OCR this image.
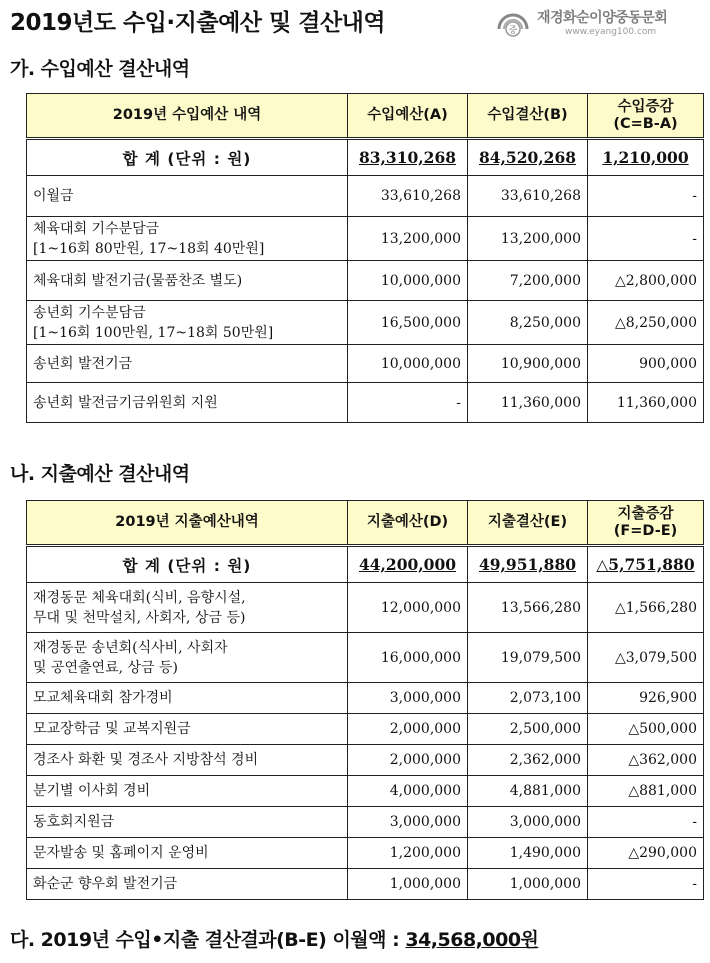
2019년도 수입·지출예산 및 결산내역	중
재경화순이양중동문회
www.eyang100.com
가. 수입예산 결산내역
2019년 수입예산 내역	수입예산(A)	수입결산(B)	수입증감
(C=B-A)
합 계 (단위 : 원)	83,310,268	84,520,268	1,210,000
이월금	33,610,268	33,610,268	-
체육대회 기수분담금
[1~16회 80만원, 17~18회 40만원]	13,200,000	13,200,000	-
체육대회 발전기금(물품찬조 별도)	10,000,000	7,200,000	△2,800,000
송년회 기수분담금
[1~16회 100만원, 17~18회 50만원]	16,500,000	8,250,000	△8,250,000
송년회 발전기금	10,000,000	10,900,000	900,000
송년회 발전금기금위원회 지원	-	11,360,000	11,360,000
나. 지출예산 결산내역
2019년 지출예산내역	지출예산(D)	지출결산(E)	지출증감
(F=D-E)
합 계 (단위 : 원)	44,200,000	49,951,880	△5,751,880
재경동문 체육대회(식비, 음향시설,
무대 및 천막설치, 사회자, 상금 등)	12,000,000	13,566,280	△1,566,280
재경동문 송년회(식사비, 사회자
및 공연출연료, 상금 등)	16,000,000	19,079,500	△3,079,500
모교체육대회 참가경비	3,000,000	2,073,100	926,900
모교장학금 및 교복지원금	2,000,000	2,500,000	△500,000
경조사 화환 및 경조사 지방참석 경비	2,000,000	2,362,000	△362,000
분기별 이사회 경비	4,000,000	4,881,000	△881,000
동호회지원금	3,000,000	3,000,000	-
문자발송 및 홈페이지 운영비	1,200,000	1,490,000	△290,000
화순군 향우회 발전기금	1,000,000	1,000,000	-
다. 2019년 수입•지출 결산결과(B-E) 이월액 : 34,568,000원
